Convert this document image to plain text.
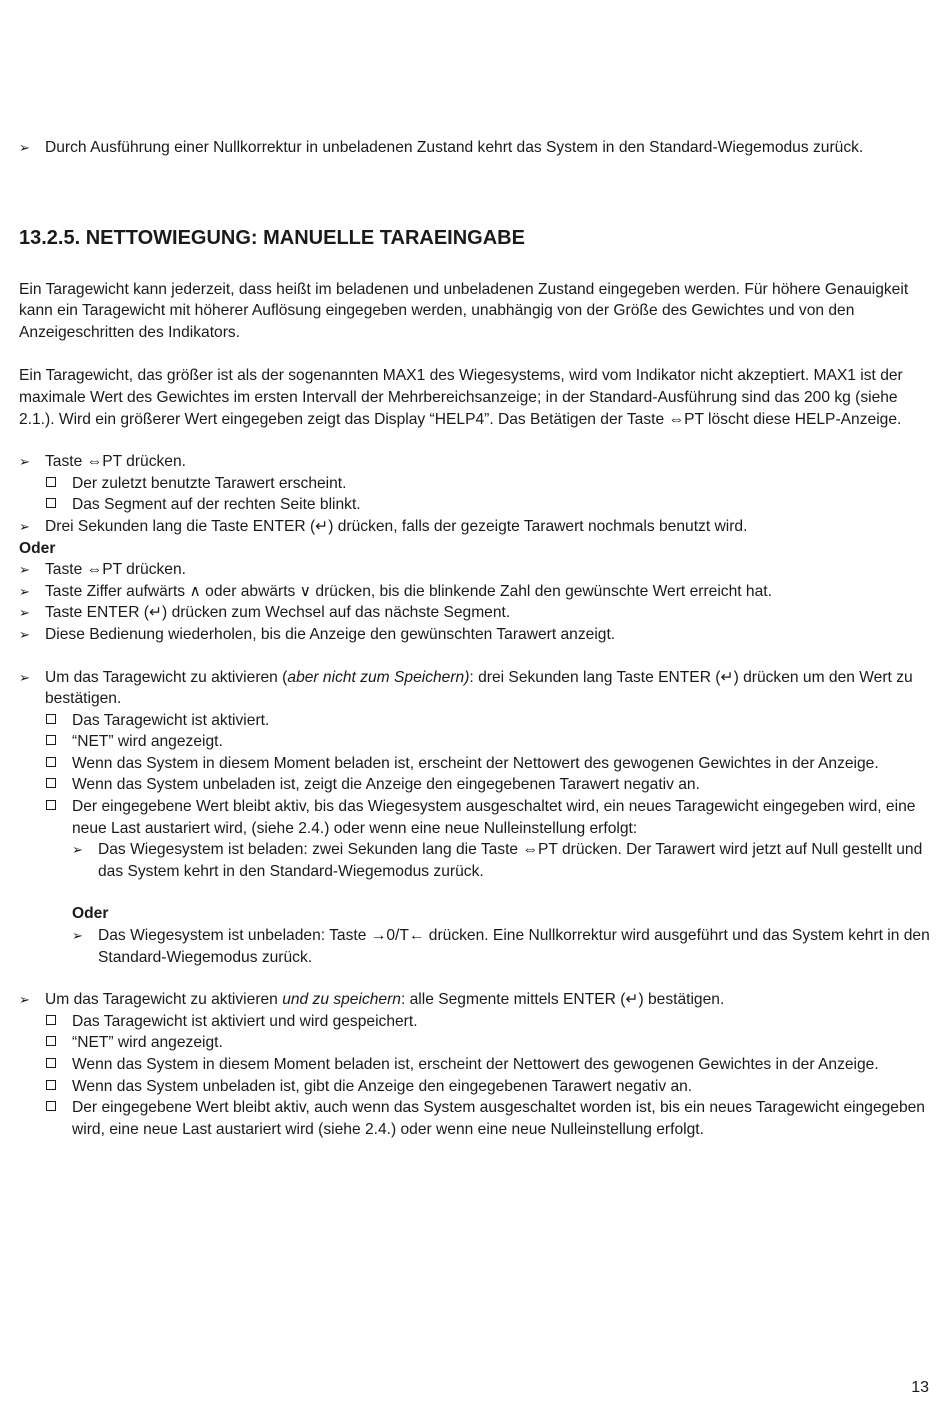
➢ Durch Ausführung einer Nullkorrektur in unbeladenen Zustand kehrt das System in den Standard-Wiegemodus zurück.
13.2.5. NETTOWIEGUNG: MANUELLE TARAEINGABE
Ein Taragewicht kann jederzeit, dass heißt im beladenen und unbeladenen Zustand eingegeben werden. Für höhere Genauigkeit kann ein Taragewicht mit höherer Auflösung eingegeben werden, unabhängig von der Größe des Gewichtes und von den Anzeigeschritten des Indikators.
Ein Taragewicht, das größer ist als der sogenannten MAX1 des Wiegesystems, wird vom Indikator nicht akzeptiert. MAX1 ist der maximale Wert des Gewichtes im ersten Intervall der Mehrbereichsanzeige; in der Standard-Ausführung sind das 200 kg (siehe 2.1.). Wird ein größerer Wert eingegeben zeigt das Display “HELP4”. Das Betätigen der Taste ⇔PT löscht diese HELP-Anzeige.
➢ Taste ⇔PT drücken.
Der zuletzt benutzte Tarawert erscheint.
Das Segment auf der rechten Seite blinkt.
➢ Drei Sekunden lang die Taste ENTER (↵) drücken, falls der gezeigte Tarawert nochmals benutzt wird.
Oder
➢ Taste ⇔PT drücken.
➢ Taste Ziffer aufwärts ∧ oder abwärts ∨ drücken, bis die blinkende Zahl den gewünschte Wert erreicht hat.
➢ Taste ENTER (↵) drücken zum Wechsel auf das nächste Segment.
➢ Diese Bedienung wiederholen, bis die Anzeige den gewünschten Tarawert anzeigt.
➢ Um das Taragewicht zu aktivieren (aber nicht zum Speichern): drei Sekunden lang Taste ENTER (↵) drücken um den Wert zu bestätigen.
Das Taragewicht ist aktiviert.
“NET” wird angezeigt.
Wenn das System in diesem Moment beladen ist, erscheint der Nettowert des gewogenen Gewichtes in der Anzeige.
Wenn das System unbeladen ist, zeigt die Anzeige den eingegebenen Tarawert negativ an.
Der eingegebene Wert bleibt aktiv, bis das Wiegesystem ausgeschaltet wird, ein neues Taragewicht eingegeben wird, eine neue Last austariert wird, (siehe 2.4.) oder wenn eine neue Nulleinstellung erfolgt:
➢ Das Wiegesystem ist beladen: zwei Sekunden lang die Taste ⇔PT drücken. Der Tarawert wird jetzt auf Null gestellt und das System kehrt in den Standard-Wiegemodus zurück.
Oder
➢ Das Wiegesystem ist unbeladen: Taste →0/T← drücken. Eine Nullkorrektur wird ausgeführt und das System kehrt in den Standard-Wiegemodus zurück.
➢ Um das Taragewicht zu aktivieren und zu speichern: alle Segmente mittels ENTER (↵) bestätigen.
Das Taragewicht ist aktiviert und wird gespeichert.
“NET” wird angezeigt.
Wenn das System in diesem Moment beladen ist, erscheint der Nettowert des gewogenen Gewichtes in der Anzeige.
Wenn das System unbeladen ist, gibt die Anzeige den eingegebenen Tarawert negativ an.
Der eingegebene Wert bleibt aktiv, auch wenn das System ausgeschaltet worden ist, bis ein neues Taragewicht eingegeben wird, eine neue Last austariert wird (siehe 2.4.) oder wenn eine neue Nulleinstellung erfolgt.
13
